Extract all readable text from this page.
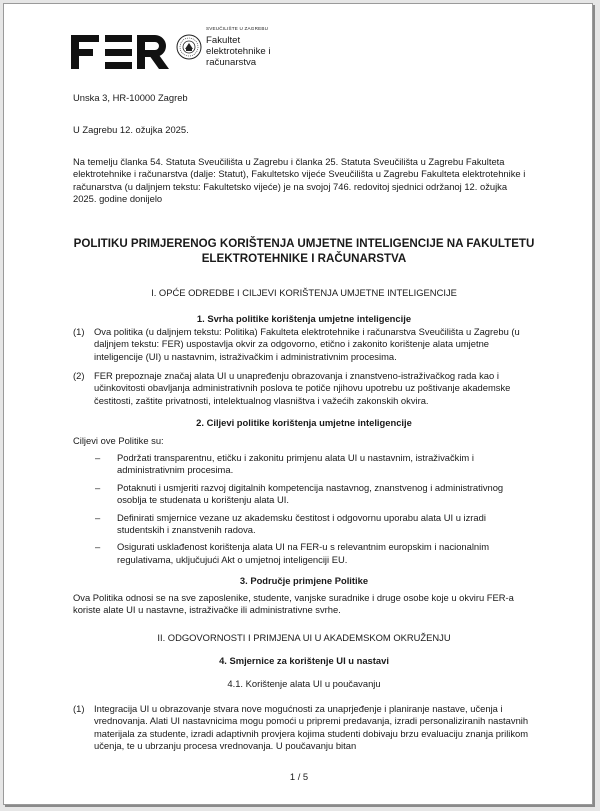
SVEUČILIŠTE U ZAGREBU
Fakultet
elektrotehnike i
računarstva
Unska 3, HR-10000 Zagreb
U Zagrebu 12. ožujka 2025.
Na temelju članka 54. Statuta Sveučilišta u Zagrebu i članka 25. Statuta Sveučilišta u Zagrebu Fakulteta elektrotehnike i računarstva (dalje: Statut), Fakultetsko vijeće Sveučilišta u Zagrebu Fakulteta elektrotehnike i računarstva (u daljnjem tekstu: Fakultetsko vijeće) je na svojoj 746. redovitoj sjednici održanoj 12. ožujka 2025. godine donijelo
POLITIKU PRIMJERENOG KORIŠTENJA UMJETNE INTELIGENCIJE NA FAKULTETU
ELEKTROTEHNIKE I RAČUNARSTVA
I. OPĆE ODREDBE I CILJEVI KORIŠTENJA UMJETNE INTELIGENCIJE
1. Svrha politike korištenja umjetne inteligencije
(1) Ova politika (u daljnjem tekstu: Politika) Fakulteta elektrotehnike i računarstva Sveučilišta u Zagrebu (u daljnjem tekstu: FER) uspostavlja okvir za odgovorno, etično i zakonito korištenje alata umjetne inteligencije (UI) u nastavnim, istraživačkim i administrativnim procesima.
(2) FER prepoznaje značaj alata UI u unapređenju obrazovanja i znanstveno-istraživačkog rada kao i učinkovitosti obavljanja administrativnih poslova te potiče njihovu upotrebu uz poštivanje akademske čestitosti, zaštite privatnosti, intelektualnog vlasništva i važećih zakonskih okvira.
2. Ciljevi politike korištenja umjetne inteligencije
Ciljevi ove Politike su:
– Podržati transparentnu, etičku i zakonitu primjenu alata UI u nastavnim, istraživačkim i administrativnim procesima.
– Potaknuti i usmjeriti razvoj digitalnih kompetencija nastavnog, znanstvenog i administrativnog osoblja te studenata u korištenju alata UI.
– Definirati smjernice vezane uz akademsku čestitost i odgovornu uporabu alata UI u izradi studentskih i znanstvenih radova.
– Osigurati usklađenost korištenja alata UI na FER-u s relevantnim europskim i nacionalnim regulativama, uključujući Akt o umjetnoj inteligenciji EU.
3. Područje primjene Politike
Ova Politika odnosi se na sve zaposlenike, studente, vanjske suradnike i druge osobe koje u okviru FER-a koriste alate UI u nastavne, istraživačke ili administrativne svrhe.
II. ODGOVORNOSTI I PRIMJENA UI U AKADEMSKOM OKRUŽENJU
4. Smjernice za korištenje UI u nastavi
4.1. Korištenje alata UI u poučavanju
(1) Integracija UI u obrazovanje stvara nove mogućnosti za unaprjeđenje i planiranje nastave, učenja i vrednovanja. Alati UI nastavnicima mogu pomoći u pripremi predavanja, izradi personaliziranih nastavnih materijala za studente, izradi adaptivnih provjera kojima studenti dobivaju brzu evaluaciju znanja prilikom učenja, te u ubrzanju procesa vrednovanja. U poučavanju bitan
1 / 5
